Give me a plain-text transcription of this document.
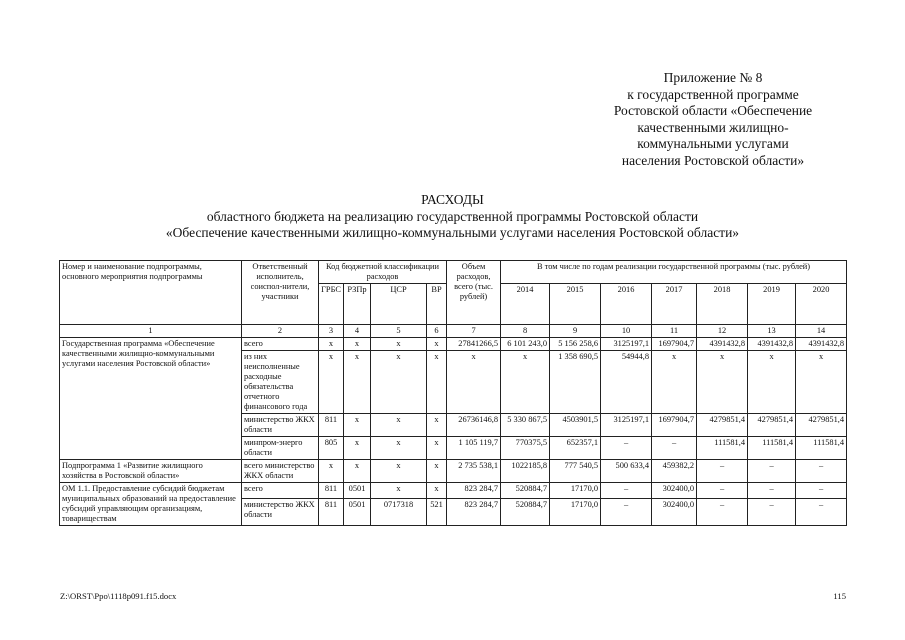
Приложение № 8
к государственной программе
Ростовской области «Обеспечение
качественными жилищно-
коммунальными услугами
населения Ростовской области»
РАСХОДЫ
областного бюджета на реализацию государственной программы Ростовской области
«Обеспечение качественными жилищно-коммунальными услугами населения Ростовской области»
Номер и наименование подпрограммы, основного мероприятия подпрограммы	Ответственный исполнитель, соиспол-нители, участники	Код бюджетной классификации расходов				Объем расходов, всего (тыс. рублей)	В том числе по годам реализации государственной программы (тыс. рублей)						
		ГРБС	РЗПр	ЦСР	ВР		2014	2015	2016	2017	2018	2019	2020
1	2	3	4	5	6	7	8	9	10	11	12	13	14
Государственная программа «Обеспечение качественными жилищно-коммунальными услугами населения Ростовской области»	всего	х	х	х	х	27841266,5	6 101 243,0	5 156 258,6	3125197,1	1697904,7	4391432,8	4391432,8	4391432,8
	из них неисполненные расходные обязательства отчетного финансового года	х	х	х	х	х	х	1 358 690,5	54944,8	х	х	х	х
	министерство ЖКХ области	811	х	х	х	26736146,8	5 330 867,5	4503901,5	3125197,1	1697904,7	4279851,4	4279851,4	4279851,4
	минпром-энерго области	805	х	х	х	1 105 119,7	770375,5	652357,1	–	–	111581,4	111581,4	111581,4
Подпрограмма 1 «Развитие жилищного хозяйства в Ростовской области»	всего министерство ЖКХ области	х	х	х	х	2 735 538,1	1022185,8	777 540,5	500 633,4	459382,2	–	–	–
ОМ 1.1. Предоставление субсидий бюджетам муниципальных образований на предоставление субсидий управляющим организациям, товариществам	всего	811	0501	х	х	823 284,7	520884,7	17170,0	–	302400,0	–	–	–
	министерство ЖКХ области	811	0501	0717318	521	823 284,7	520884,7	17170,0	–	302400,0	–	–	–
Z:\ORST\Ppo\1118p091.f15.docx	115
